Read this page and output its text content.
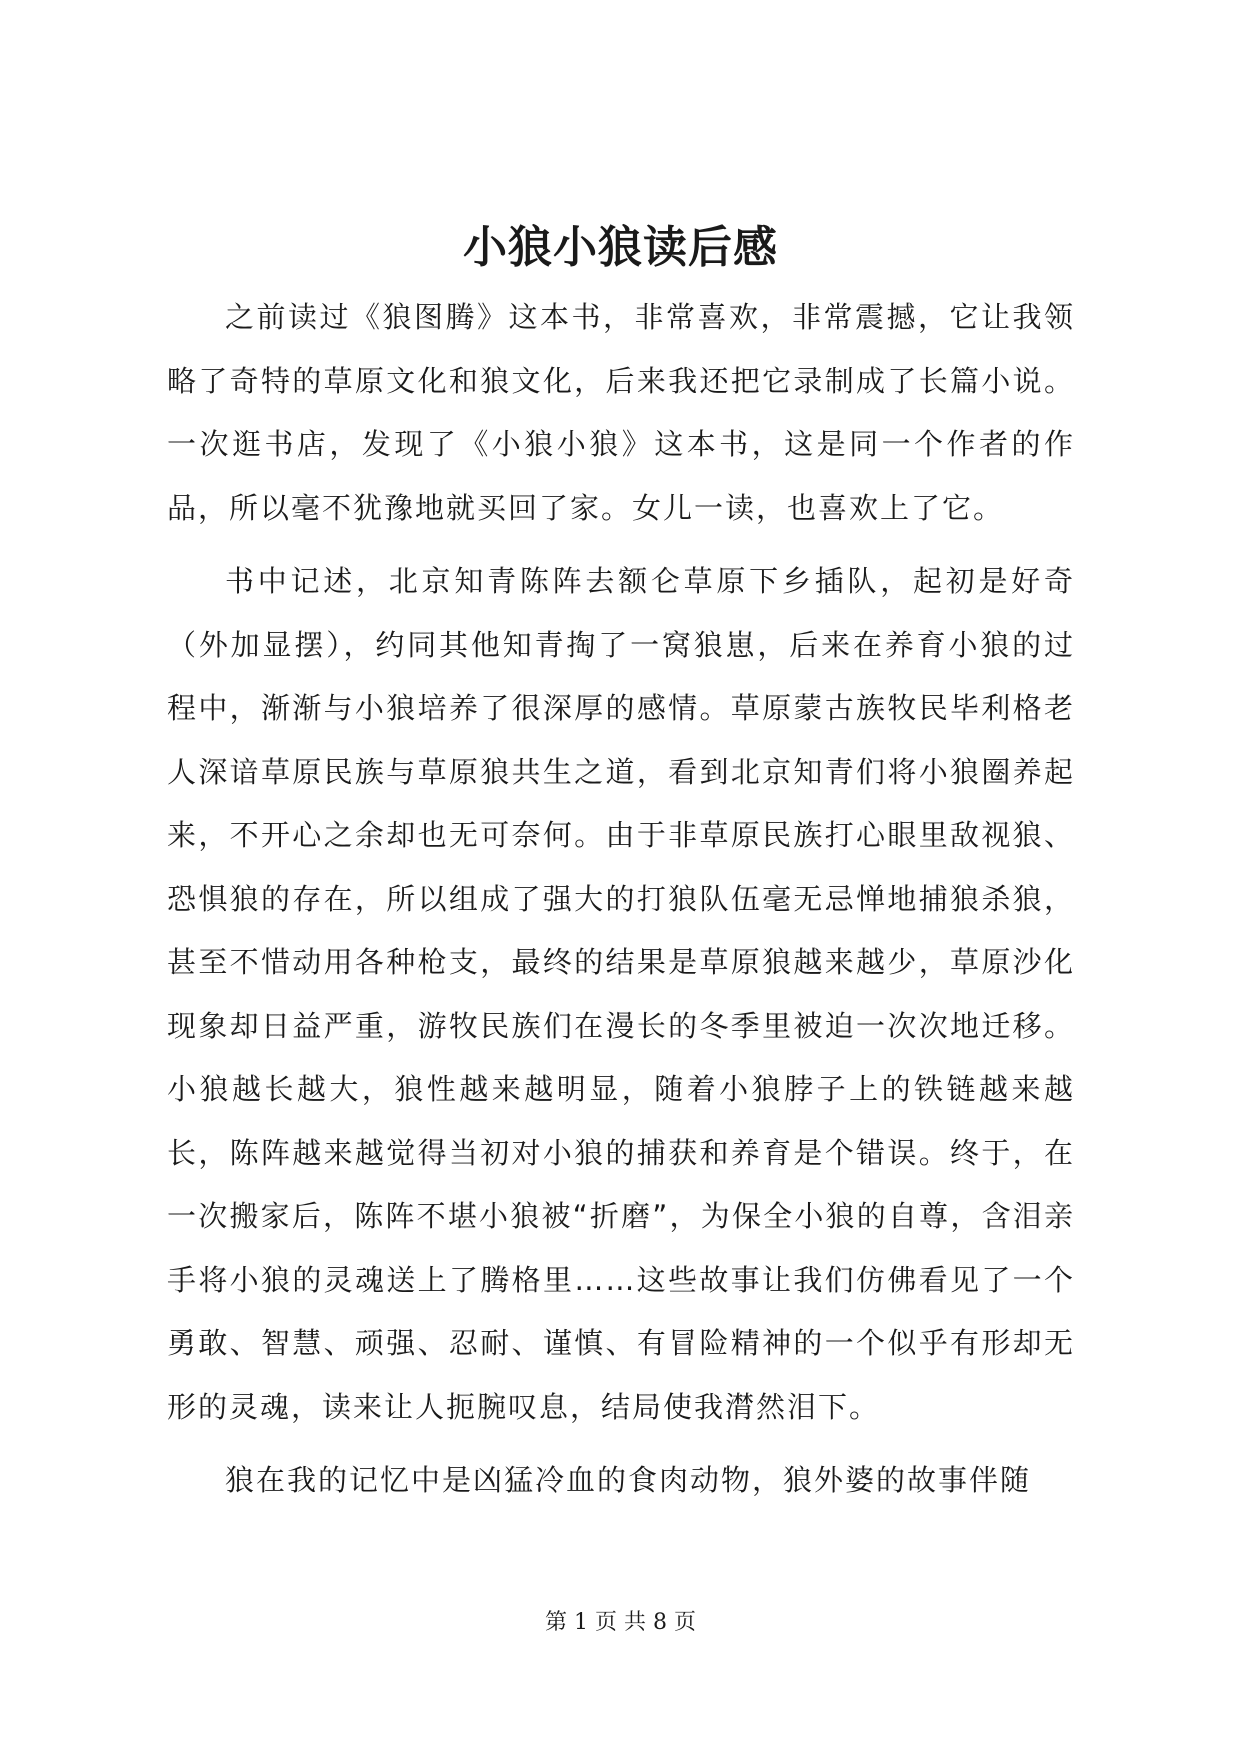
小狼小狼读后感

之前读过《狼图腾》这本书，非常喜欢，非常震撼，它让我领略了奇特的草原文化和狼文化，后来我还把它录制成了长篇小说。一次逛书店，发现了《小狼小狼》这本书，这是同一个作者的作品，所以毫不犹豫地就买回了家。女儿一读，也喜欢上了它。

书中记述，北京知青陈阵去额仑草原下乡插队，起初是好奇（外加显摆），约同其他知青掏了一窝狼崽，后来在养育小狼的过程中，渐渐与小狼培养了很深厚的感情。草原蒙古族牧民毕利格老人深谙草原民族与草原狼共生之道，看到北京知青们将小狼圈养起来，不开心之余却也无可奈何。由于非草原民族打心眼里敌视狼、恐惧狼的存在，所以组成了强大的打狼队伍毫无忌惮地捕狼杀狼，甚至不惜动用各种枪支，最终的结果是草原狼越来越少，草原沙化现象却日益严重，游牧民族们在漫长的冬季里被迫一次次地迁移。小狼越长越大，狼性越来越明显，随着小狼脖子上的铁链越来越长，陈阵越来越觉得当初对小狼的捕获和养育是个错误。终于，在一次搬家后，陈阵不堪小狼被“折磨”，为保全小狼的自尊，含泪亲手将小狼的灵魂送上了腾格里……这些故事让我们仿佛看见了一个勇敢、智慧、顽强、忍耐、谨慎、有冒险精神的一个似乎有形却无形的灵魂，读来让人扼腕叹息，结局使我潸然泪下。

狼在我的记忆中是凶猛冷血的食肉动物，狼外婆的故事伴随

第 1 页 共 8 页
